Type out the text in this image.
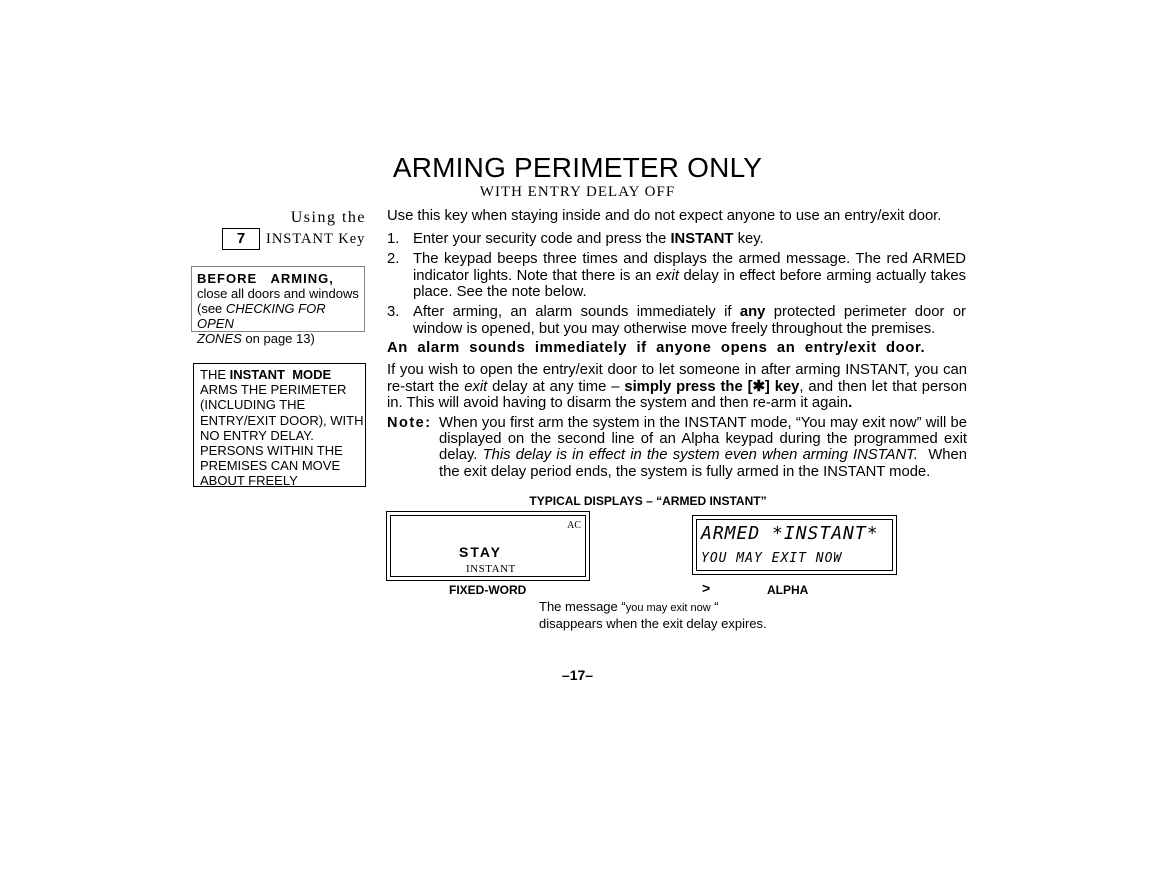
ARMING PERIMETER ONLY
WITH ENTRY DELAY OFF
Using the
7	INSTANT Key
BEFORE   ARMING,
close all doors and windows
(see CHECKING FOR OPEN
ZONES on page 13)
THE INSTANT  MODE
ARMS THE PERIMETER
(INCLUDING THE
ENTRY/EXIT DOOR), WITH
NO ENTRY DELAY.
PERSONS WITHIN THE
PREMISES CAN MOVE
ABOUT FREELY
Use this key when staying inside and do not expect anyone to use an entry/exit door.
1. Enter your security code and press the INSTANT key.
2. The keypad beeps three times and displays the armed message. The red ARMED indicator lights. Note that there is an exit delay in effect before arming actually takes place. See the note below.
3. After arming, an alarm sounds immediately if any protected perimeter door or window is opened, but you may otherwise move freely throughout the premises.
An  alarm  sounds  immediately  if  anyone  opens  an  entry/exit  door.
If you wish to open the entry/exit door to let someone in after arming INSTANT, you can re-start the exit delay at any time – simply press the [✱] key, and then let that person in. This will avoid having to disarm the system and then re-arm it again.
Note: When you first arm the system in the INSTANT mode, “You may exit now” will be displayed on the second line of an Alpha keypad during the programmed exit delay. This delay is in effect in the system even when arming INSTANT.  When the exit delay period ends, the system is fully armed in the INSTANT mode.
TYPICAL DISPLAYS – “ARMED INSTANT”
AC
STAY
INSTANT
FIXED-WORD	>
ARMED *INSTANT*
YOU MAY EXIT NOW
ALPHA
The message “you may exit now “
disappears when the exit delay expires.
–17–
